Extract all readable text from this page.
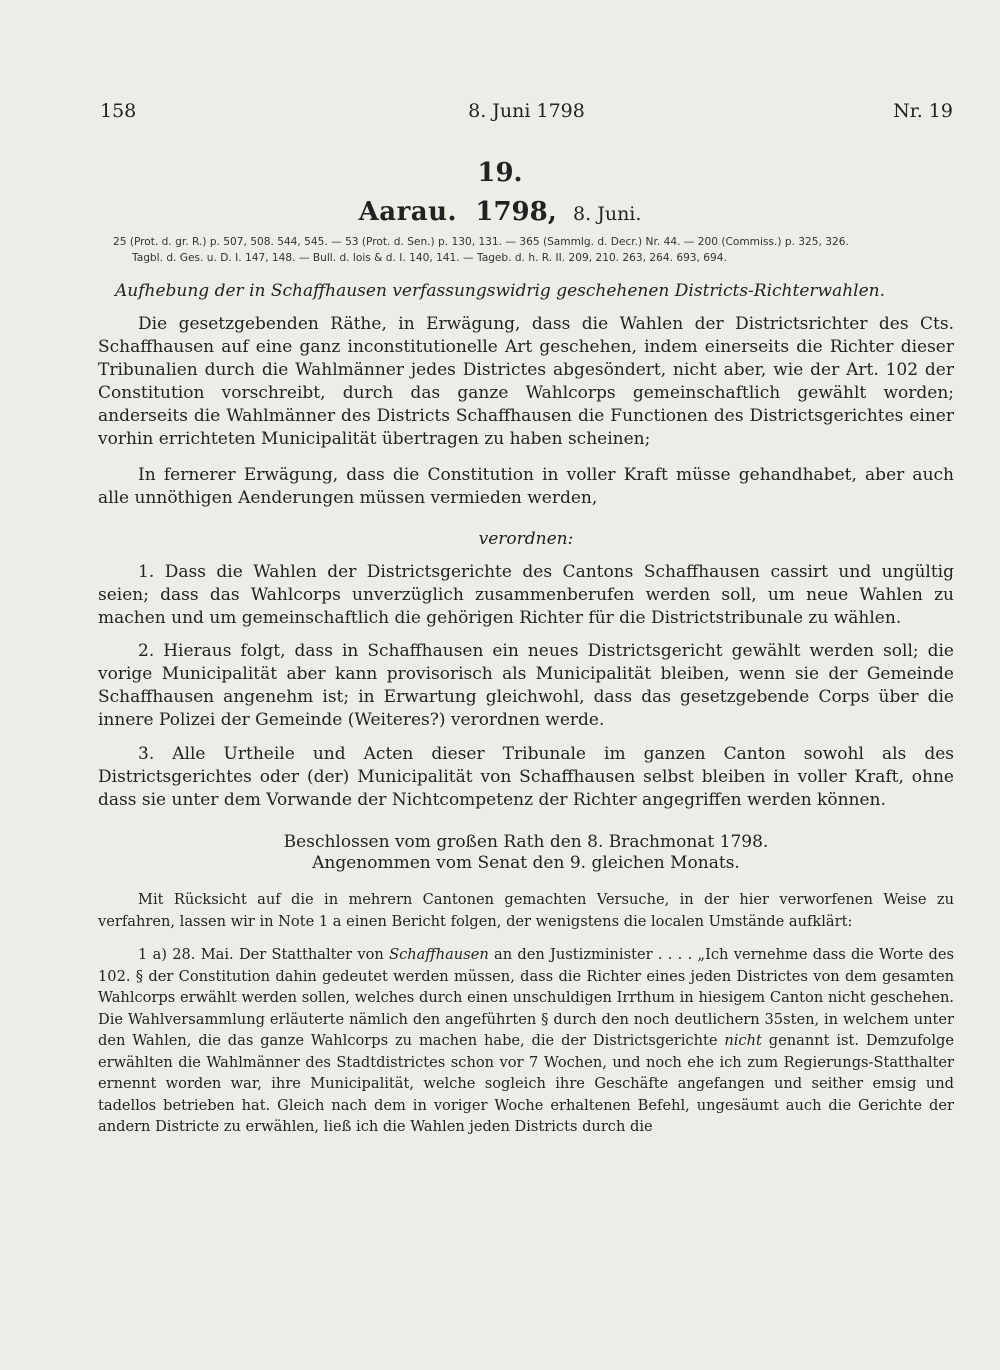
158	8. Juni 1798	Nr. 19
19.
Aarau. 1798, 8. Juni.
25 (Prot. d. gr. R.) p. 507, 508. 544, 545. — 53 (Prot. d. Sen.) p. 130, 131. — 365 (Sammlg. d. Decr.) Nr. 44. — 200 (Commiss.) p. 325, 326.
Tagbl. d. Ges. u. D. I. 147, 148. — Bull. d. lois & d. I. 140, 141. — Tageb. d. h. R. II. 209, 210. 263, 264. 693, 694.
Aufhebung der in Schaffhausen verfassungswidrig geschehenen Districts-Richterwahlen.

Die gesetzgebenden Räthe, in Erwägung, dass die Wahlen der Districtsrichter des Cts. Schaffhausen auf eine ganz inconstitutionelle Art geschehen, indem einerseits die Richter dieser Tribunalien durch die Wahlmänner jedes Districtes abgesöndert, nicht aber, wie der Art. 102 der Constitution vorschreibt, durch das ganze Wahlcorps gemeinschaftlich gewählt worden; anderseits die Wahlmänner des Districts Schaffhausen die Functionen des Districtsgerichtes einer vorhin errichteten Municipalität übertragen zu haben scheinen;

In fernerer Erwägung, dass die Constitution in voller Kraft müsse gehandhabet, aber auch alle unnöthigen Aenderungen müssen vermieden werden,

verordnen:

1. Dass die Wahlen der Districtsgerichte des Cantons Schaffhausen cassirt und ungültig seien; dass das Wahlcorps unverzüglich zusammenberufen werden soll, um neue Wahlen zu machen und um gemeinschaftlich die gehörigen Richter für die Districtstribunale zu wählen.

2. Hieraus folgt, dass in Schaffhausen ein neues Districtsgericht gewählt werden soll; die vorige Municipalität aber kann provisorisch als Municipalität bleiben, wenn sie der Gemeinde Schaffhausen angenehm ist; in Erwartung gleichwohl, dass das gesetzgebende Corps über die innere Polizei der Gemeinde (Weiteres?) verordnen werde.

3. Alle Urtheile und Acten dieser Tribunale im ganzen Canton sowohl als des Districtsgerichtes oder (der) Municipalität von Schaffhausen selbst bleiben in voller Kraft, ohne dass sie unter dem Vorwande der Nichtcompetenz der Richter angegriffen werden können.

Beschlossen vom großen Rath den 8. Brachmonat 1798.
Angenommen vom Senat den 9. gleichen Monats.

Mit Rücksicht auf die in mehrern Cantonen gemachten Versuche, in der hier verworfenen Weise zu verfahren, lassen wir in Note 1 a einen Bericht folgen, der wenigstens die localen Umstände aufklärt:

1 a) 28. Mai. Der Statthalter von Schaffhausen an den Justizminister . . . . „Ich vernehme dass die Worte des 102. § der Constitution dahin gedeutet werden müssen, dass die Richter eines jeden Districtes von dem gesamten Wahlcorps erwählt werden sollen, welches durch einen unschuldigen Irrthum in hiesigem Canton nicht geschehen. Die Wahlversammlung erläuterte nämlich den angeführten § durch den noch deutlichern 35sten, in welchem unter den Wahlen, die das ganze Wahlcorps zu machen habe, die der Districtsgerichte nicht genannt ist. Demzufolge erwählten die Wahlmänner des Stadtdistrictes schon vor 7 Wochen, und noch ehe ich zum Regierungs-Statthalter ernennt worden war, ihre Municipalität, welche sogleich ihre Geschäfte angefangen und seither emsig und tadellos betrieben hat. Gleich nach dem in voriger Woche erhaltenen Befehl, ungesäumt auch die Gerichte der andern Districte zu erwählen, ließ ich die Wahlen jeden Districts durch die
